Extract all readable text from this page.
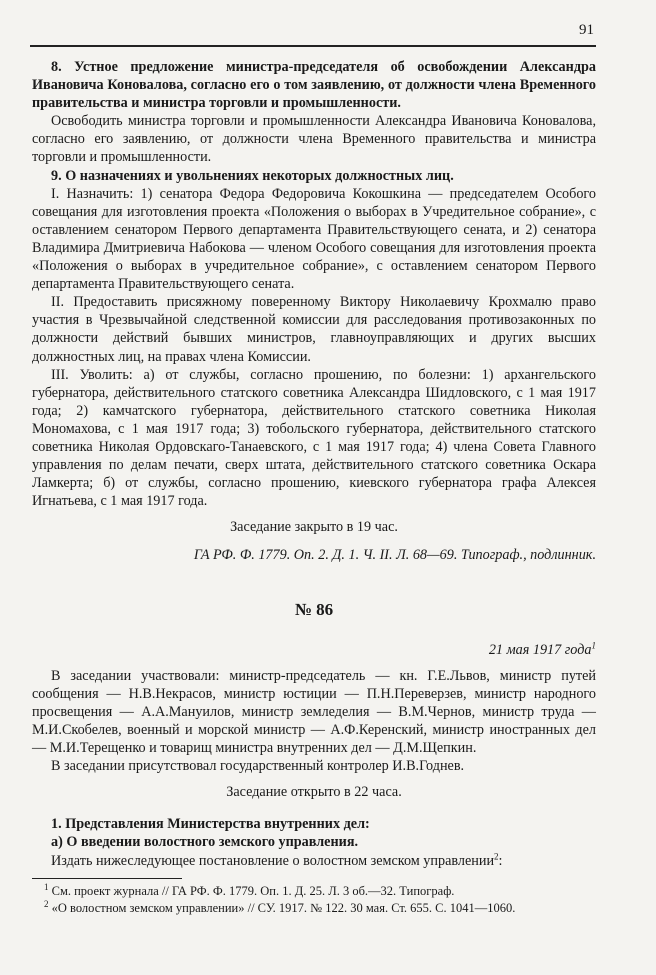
91

8. Устное предложение министра-председателя об освобождении Александра Ивановича Коновалова, согласно его о том заявлению, от должности члена Временного правительства и министра торговли и промышленности.

Освободить министра торговли и промышленности Александра Ивановича Коновалова, согласно его заявлению, от должности члена Временного правительства и министра торговли и промышленности.

9. О назначениях и увольнениях некоторых должностных лиц.

I. Назначить: 1) сенатора Федора Федоровича Кокошкина — председателем Особого совещания для изготовления проекта «Положения о выборах в Учредительное собрание», с оставлением сенатором Первого департамента Правительствующего сената, и 2) сенатора Владимира Дмитриевича Набокова — членом Особого совещания для изготовления проекта «Положения о выборах в учредительное собрание», с оставлением сенатором Первого департамента Правительствующего сената.

II. Предоставить присяжному поверенному Виктору Николаевичу Крохмалю право участия в Чрезвычайной следственной комиссии для расследования противозаконных по должности действий бывших министров, главноуправляющих и других высших должностных лиц, на правах члена Комиссии.

III. Уволить: а) от службы, согласно прошению, по болезни: 1) архангельского губернатора, действительного статского советника Александра Шидловского, с 1 мая 1917 года; 2) камчатского губернатора, действительного статского советника Николая Мономахова, с 1 мая 1917 года; 3) тобольского губернатора, действительного статского советника Николая Ордовскаго-Танаевского, с 1 мая 1917 года; 4) члена Совета Главного управления по делам печати, сверх штата, действительного статского советника Оскара Ламкерта; б) от службы, согласно прошению, киевского губернатора графа Алексея Игнатьева, с 1 мая 1917 года.

Заседание закрыто в 19 час.

ГА РФ. Ф. 1779. Оп. 2. Д. 1. Ч. II. Л. 68—69. Типограф., подлинник.

№ 86

21 мая 1917 года$^1$

В заседании участвовали: министр-председатель — кн. Г.Е.Львов, министр путей сообщения — Н.В.Некрасов, министр юстиции — П.Н.Переверзев, министр народного просвещения — А.А.Мануилов, министр земледелия — В.М.Чернов, министр труда — М.И.Скобелев, военный и морской министр — А.Ф.Керенский, министр иностранных дел — М.И.Терещенко и товарищ министра внутренних дел — Д.М.Щепкин.

В заседании присутствовал государственный контролер И.В.Годнев.

Заседание открыто в 22 часа.

1. Представления Министерства внутренних дел:

а) О введении волостного земского управления.

Издать нижеследующее постановление о волостном земском управлении$^2$:

$^1$ См. проект журнала // ГА РФ. Ф. 1779. Оп. 1. Д. 25. Л. 3 об.—32. Типограф.

$^2$ «О волостном земском управлении» // СУ. 1917. № 122. 30 мая. Ст. 655. С. 1041—1060.
